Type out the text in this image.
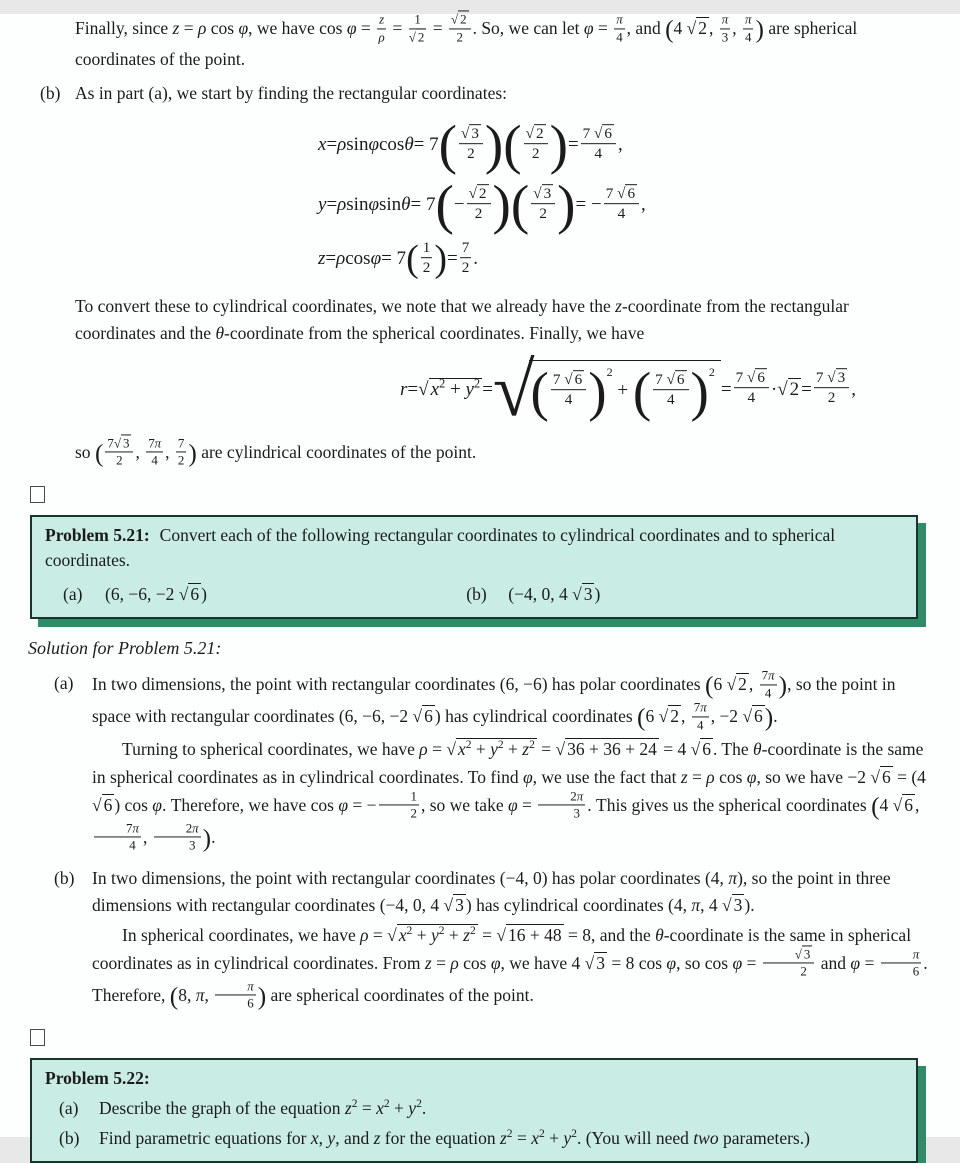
Finally, since z = ρ cos φ, we have $\cos \varphi = \frac{z}{\rho} = \frac{1}{√ 2} = \frac{√ 2}{2}$ . So, we can let $\varphi = \frac{\pi}{4}$ , and (4 √ 2 , $\frac{\pi}{3}$ , $\frac{\pi}{4}$ ) are spherical coordinates of the point.

(b) As in part (a), we start by finding the rectangular coordinates:
x = ρ sin φ cos θ = 7 ( √ 3
2 ) ( √ 2
2 ) =
7 √ 6
4 ,
y = ρ sin φ sin θ = 7 ( −
√ 2
2 ) ( √ 3
2 ) = −
7 √ 6
4 ,
z = ρ cos φ = 7 ( 1
2 ) =
7
2 .

To convert these to cylindrical coordinates, we note that we already have the z-coordinate from the rectangular coordinates and the θ-coordinate from the spherical coordinates. Finally, we have

r = √ $x^2 + y^2$ = √
( $\frac{7 √ 6}{4} )^2$ + ( $\frac{7 √ 6}{4} )^2$
=
7 √ 6
4 · √ 2 =
7 √ 3
2 ,

so ( $\frac{7√ 3}{2}$ , $\frac{7\pi}{4}$ , $\frac{7}{2}$ ) are cylindrical coordinates of the point.

Problem 5.21: Convert each of the following rectangular coordinates to cylindrical coordinates and to spherical coordinates.
(a)	(6, −6, −2 √ 6 )	(b)	(−4, 0, 4 √ 3 )

Solution for Problem 5.21:

(a)	In two dimensions, the point with rectangular coordinates (6, −6) has polar coordinates (6 √ 2 , $\frac{7\pi}{4}$ ), so the point in space with rectangular coordinates (6, −6, −2 √ 6 ) has cylindrical coordinates (6 √ 2 , $\frac{7\pi}{4}$ , −2 √ 6).
Turning to spherical coordinates, we have ρ = √ $x^2 + y^2 + z^2$ = √ 36 + 36 + 24 = 4 √ 6 . The θ-coordinate is the same in spherical coordinates as in cylindrical coordinates. To find φ, we use the fact that z = ρ cos φ, so we have −2 √ 6 = (4 √ 6 ) cos φ. Therefore, we have cos φ = − $\frac{1}{2}$ , so we take $\varphi = \frac{2\pi}{3}$ . This gives us the spherical coordinates (4 √ 6 ,
$\frac{7\pi}{4}$ , $\frac{2\pi}{3}$ ).
(b)	In two dimensions, the point with rectangular coordinates (−4, 0) has polar coordinates (4, π), so the point in three dimensions with rectangular coordinates (−4, 0, 4 √ 3 ) has cylindrical coordinates (4, π, 4 √ 3 ).
In spherical coordinates, we have ρ = √ $x^2 + y^2 + z^2$ = √ 16 + 48 = 8, and the θ-coordinate is the same in spherical coordinates as in cylindrical coordinates. From z = ρ cos φ, we have 4 √ 3 = 8 cos φ, so $\cos \varphi = \frac{√ 3}{2}$ and $\varphi = \frac{\pi}{6}$ . Therefore, (8, π, $\frac{\pi}{6}$ ) are spherical coordinates of the point.
Problem 5.22:
(a)	Describe the graph of the equation $z^2 = x^2 + y^2$.
(b)	Find parametric equations for x, y, and z for the equation $z^2 = x^2 + y^2$. (You will need two parameters.)
